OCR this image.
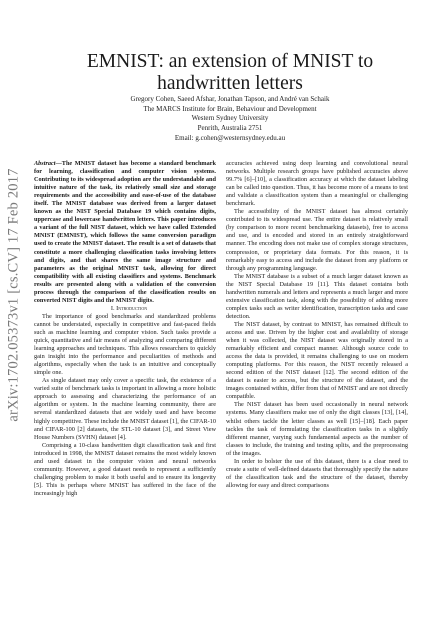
arXiv:1702.05373v1 [cs.CV] 17 Feb 2017
EMNIST: an extension of MNIST to handwritten letters
Gregory Cohen, Saeed Afshar, Jonathan Tapson, and André van Schaik
The MARCS Institute for Brain, Behaviour and Development
Western Sydney University
Penrith, Australia 2751
Email: g.cohen@westernsydney.edu.au

Abstract—The MNIST dataset has become a standard benchmark for learning, classification and computer vision systems. Contributing to its widespread adoption are the understandable and intuitive nature of the task, its relatively small size and storage requirements and the accessibility and ease-of-use of the database itself. The MNIST database was derived from a larger dataset known as the NIST Special Database 19 which contains digits, uppercase and lowercase handwritten letters. This paper introduces a variant of the full NIST dataset, which we have called Extended MNIST (EMNIST), which follows the same conversion paradigm used to create the MNIST dataset. The result is a set of datasets that constitute a more challenging classification tasks involving letters and digits, and that shares the same image structure and parameters as the original MNIST task, allowing for direct compatibility with all existing classifiers and systems. Benchmark results are presented along with a validation of the conversion process through the comparison of the classification results on converted NIST digits and the MNIST digits.

I. Introduction

The importance of good benchmarks and standardized problems cannot be understated, especially in competitive and fast-paced fields such as machine learning and computer vision. Such tasks provide a quick, quantitative and fair means of analyzing and comparing different learning approaches and techniques. This allows researchers to quickly gain insight into the performance and peculiarities of methods and algorithms, especially when the task is an intuitive and conceptually simple one.

As single dataset may only cover a specific task, the existence of a varied suite of benchmark tasks is important in allowing a more holistic approach to assessing and characterizing the performance of an algorithm or system. In the machine learning community, there are several standardized datasets that are widely used and have become highly competitive. These include the MNIST dataset [1], the CIFAR-10 and CIFAR-100 [2] datasets, the STL-10 dataset [3], and Street View House Numbers (SVHN) dataset [4].

Comprising a 10-class handwritten digit classification task and first introduced in 1998, the MNIST dataset remains the most widely known and used dataset in the computer vision and neural networks community. However, a good dataset needs to represent a sufficiently challenging problem to make it both useful and to ensure its longevity [5]. This is perhaps where MNIST has suffered in the face of the increasingly high

accuracies achieved using deep learning and convolutional neural networks. Multiple research groups have published accuracies above 99.7% [6]–[10], a classification accuracy at which the dataset labeling can be called into question. Thus, it has become more of a means to test and validate a classification system than a meaningful or challenging benchmark.

The accessibility of the MNIST dataset has almost certainly contributed to its widespread use. The entire dataset is relatively small (by comparison to more recent benchmarking datasets), free to access and use, and is encoded and stored in an entirely straightforward manner. The encoding does not make use of complex storage structures, compression, or proprietary data formats. For this reason, it is remarkably easy to access and include the dataset from any platform or through any programming language.

The MNIST database is a subset of a much larger dataset known as the NIST Special Database 19 [11]. This dataset contains both handwritten numerals and letters and represents a much larger and more extensive classification task, along with the possibility of adding more complex tasks such as writer identification, transcription tasks and case detection.

The NIST dataset, by contrast to MNIST, has remained difficult to access and use. Driven by the higher cost and availability of storage when it was collected, the NIST dataset was originally stored in a remarkably efficient and compact manner. Although source code to access the data is provided, it remains challenging to use on modern computing platforms. For this reason, the NIST recently released a second edition of the NIST dataset [12]. The second edition of the dataset is easier to access, but the structure of the dataset, and the images contained within, differ from that of MNIST and are not directly compatible.

The NIST dataset has been used occasionally in neural network systems. Many classifiers make use of only the digit classes [13], [14], whilst others tackle the letter classes as well [15]–[18]. Each paper tackles the task of formulating the classification tasks in a slightly different manner, varying such fundamental aspects as the number of classes to include, the training and testing splits, and the preprocessing of the images.

In order to bolster the use of this dataset, there is a clear need to create a suite of well-defined datasets that thoroughly specify the nature of the classification task and the structure of the dataset, thereby allowing for easy and direct comparisons
